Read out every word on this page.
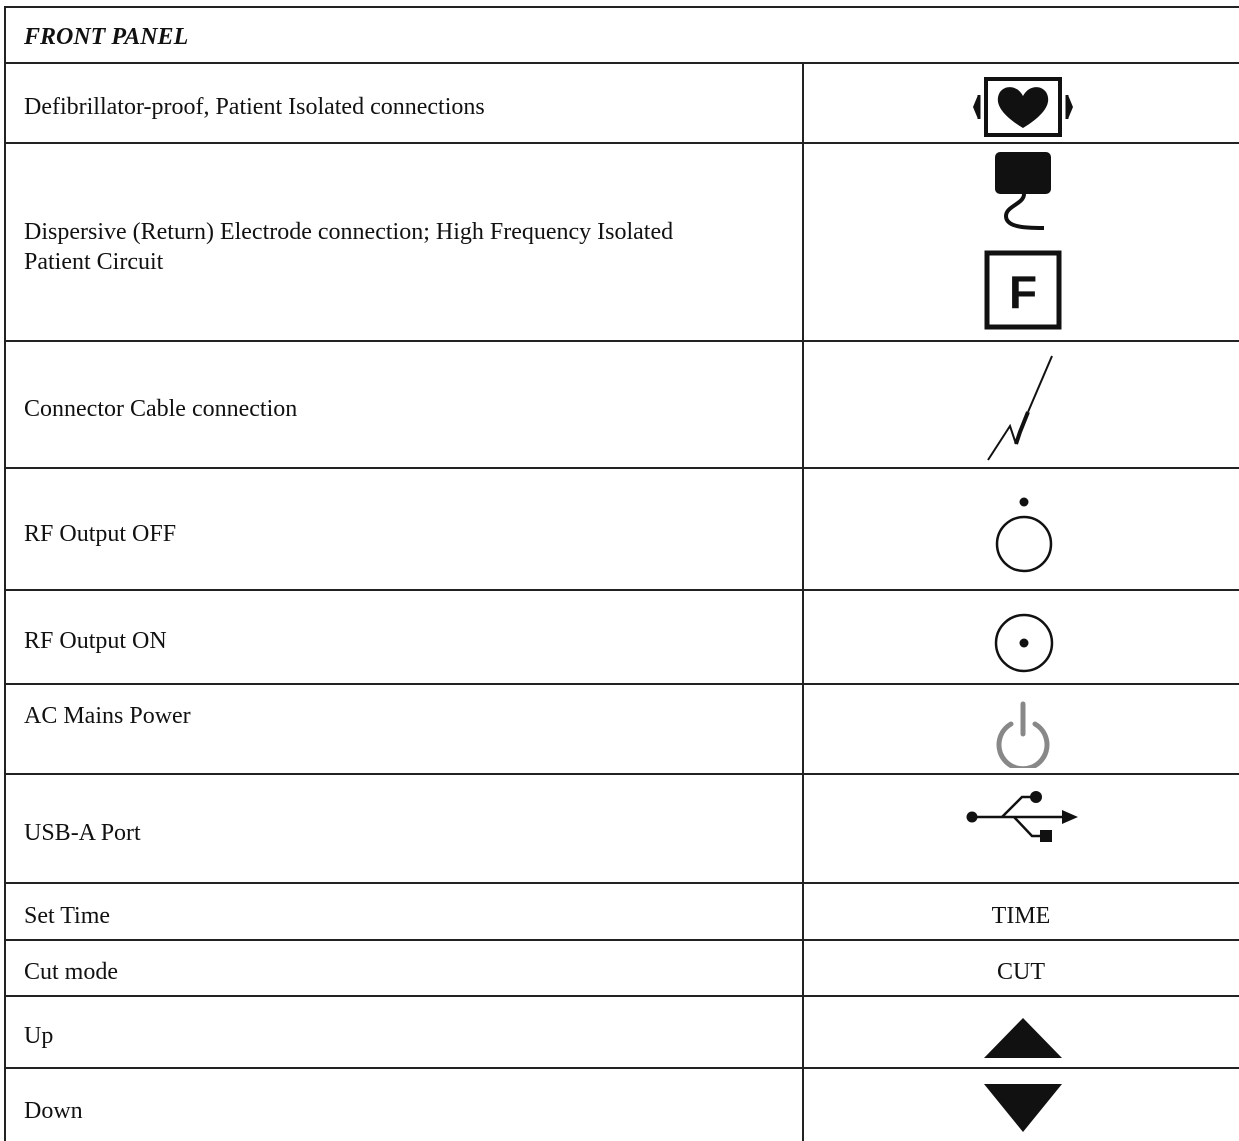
FRONT PANEL
Defibrillator-proof, Patient Isolated connections
Dispersive (Return) Electrode connection; High Frequency Isolated
Patient Circuit
F
Connector Cable connection
RF Output OFF
RF Output ON
AC Mains Power
USB-A Port
Set Time	TIME
Cut mode	CUT
Up
Down
